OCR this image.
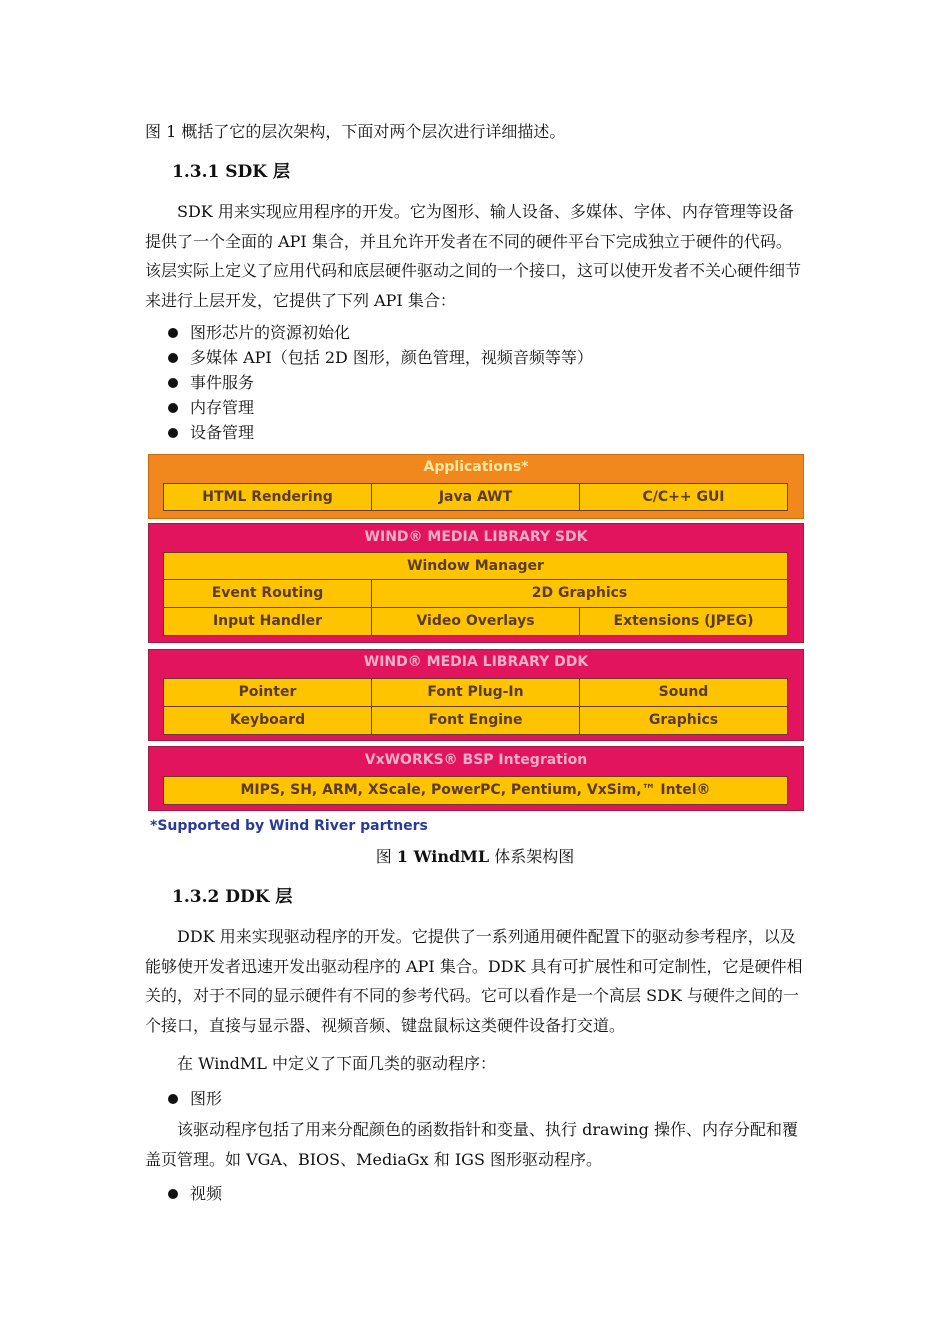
图 1 概括了它的层次架构，下面对两个层次进行详细描述。
1.3.1 SDK 层
SDK 用来实现应用程序的开发。它为图形、输人设备、多媒体、字体、内存管理等设备提供了一个全面的 API 集合，并且允许开发者在不同的硬件平台下完成独立于硬件的代码。该层实际上定义了应用代码和底层硬件驱动之间的一个接口，这可以使开发者不关心硬件细节来进行上层开发，它提供了下列 API 集合：
图形芯片的资源初始化
多媒体 API（包括 2D 图形，颜色管理，视频音频等等）
事件服务
内存管理
设备管理
Applications*
HTML Rendering	Java AWT	C/C++ GUI
WIND® MEDIA LIBRARY SDK
Window Manager
Event Routing	2D Graphics
Input Handler	Video Overlays	Extensions (JPEG)
WIND® MEDIA LIBRARY DDK
Pointer	Font Plug-In	Sound
Keyboard	Font Engine	Graphics
VxWORKS® BSP Integration
MIPS, SH, ARM, XScale, PowerPC, Pentium, VxSim,™ Intel®
*Supported by Wind River partners
图 1 WindML 体系架构图
1.3.2 DDK 层
DDK 用来实现驱动程序的开发。它提供了一系列通用硬件配置下的驱动参考程序，以及能够使开发者迅速开发出驱动程序的 API 集合。DDK 具有可扩展性和可定制性，它是硬件相关的，对于不同的显示硬件有不同的参考代码。它可以看作是一个高层 SDK 与硬件之间的一个接口，直接与显示器、视频音频、键盘鼠标这类硬件设备打交道。
在 WindML 中定义了下面几类的驱动程序：
图形
该驱动程序包括了用来分配颜色的函数指针和变量、执行 drawing 操作、内存分配和覆盖页管理。如 VGA、BIOS、MediaGx 和 IGS 图形驱动程序。
视频
